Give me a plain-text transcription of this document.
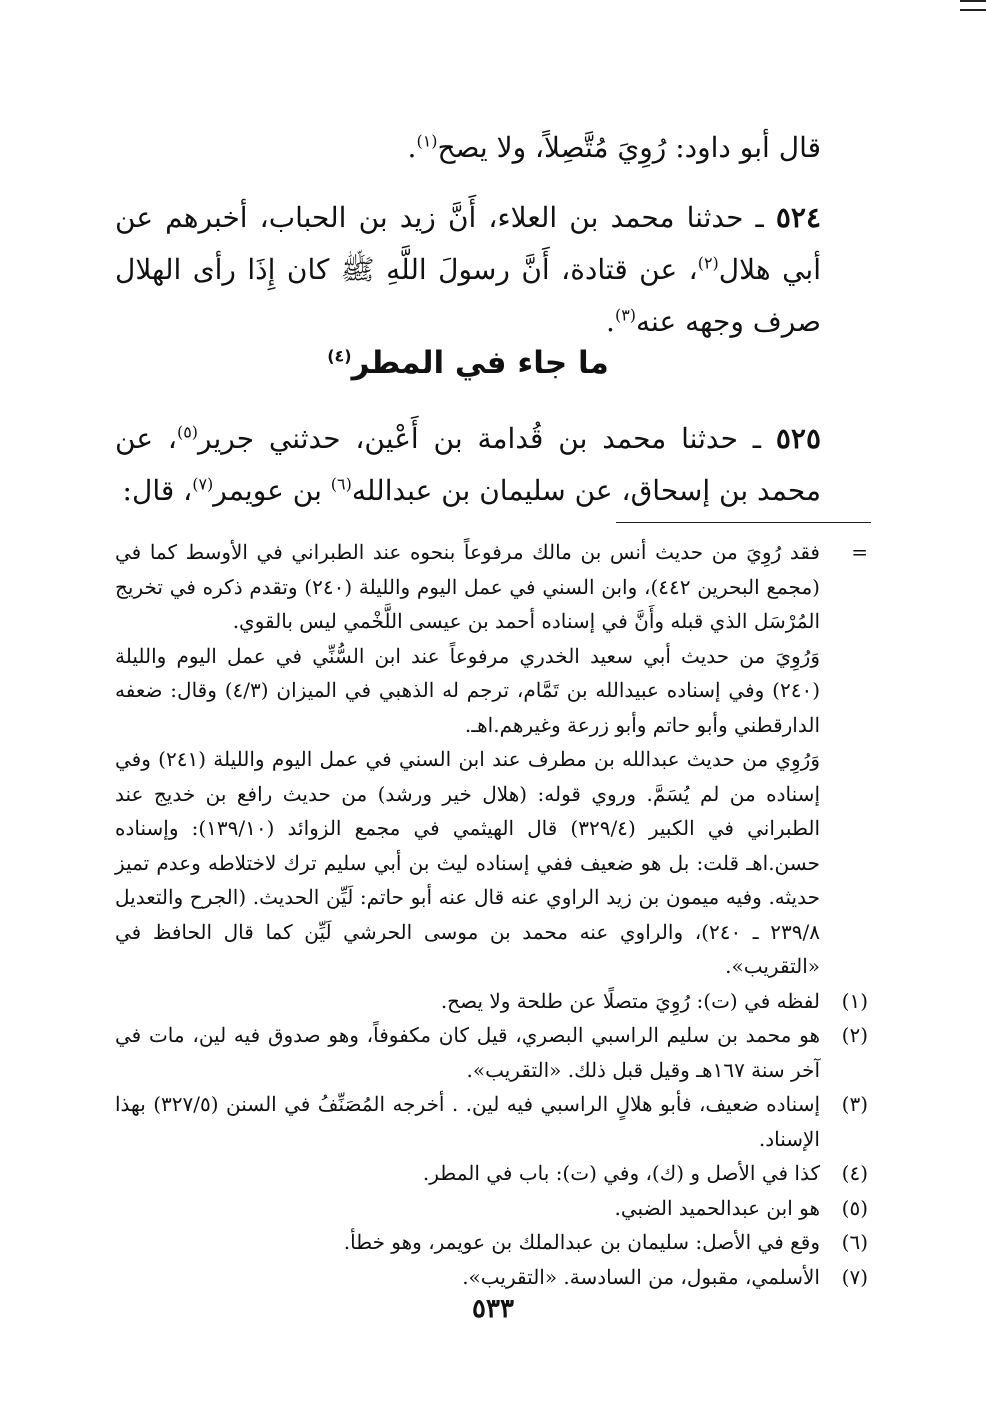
قال أبو داود: رُوِيَ مُتَّصِلاً، ولا يصح$^{(١)}$.

٥٢٤ ـ حدثنا محمد بن العلاء، أَنَّ زيد بن الحباب، أخبرهم عن أبي هلال$^{(٢)}$، عن قتادة، أَنَّ رسولَ اللَّهِ ﷺ كان إِذَا رأى الهلال صرف وجهه عنه$^{(٣)}$.

ما جاء في المطر$^{(٤)}$

٥٢٥ ـ حدثنا محمد بن قُدامة بن أَعْين، حدثني جرير$^{(٥)}$، عن محمد بن إسحاق، عن سليمان بن عبدالله$^{(٦)}$ بن عويمر$^{(٧)}$، قال:

=

فقد رُوِيَ من حديث أنس بن مالك مرفوعاً بنحوه عند الطبراني في الأوسط كما في (مجمع البحرين ٤٤٢)، وابن السني في عمل اليوم والليلة (٢٤٠) وتقدم ذكره في تخريج المُرْسَل الذي قبله وأَنَّ في إسناده أحمد بن عيسى اللَّخْمي ليس بالقوي.

وَرُوِيَ من حديث أبي سعيد الخدري مرفوعاً عند ابن السُّنِّي في عمل اليوم والليلة (٢٤٠) وفي إسناده عبيدالله بن تَمَّام، ترجم له الذهبي في الميزان (٤/٣) وقال: ضعفه الدارقطني وأبو حاتم وأبو زرعة وغيرهم.اهـ.

وَرُوِي من حديث عبدالله بن مطرف عند ابن السني في عمل اليوم والليلة (٢٤١) وفي إسناده من لم يُسَمَّ. وروي قوله: (هلال خير ورشد) من حديث رافع بن خديج عند الطبراني في الكبير (٣٢٩/٤) قال الهيثمي في مجمع الزوائد (١٣٩/١٠): وإسناده حسن.اهـ قلت: بل هو ضعيف ففي إسناده ليث بن أبي سليم ترك لاختلاطه وعدم تميز حديثه. وفيه ميمون بن زيد الراوي عنه قال عنه أبو حاتم: لَيِّن الحديث. (الجرح والتعديل ٢٣٩/٨ ـ ٢٤٠)، والراوي عنه محمد بن موسى الحرشي لَيِّن كما قال الحافظ في «التقريب».

(١)
لفظه في (ت): رُوِيَ متصلًا عن طلحة ولا يصح.

(٢)
هو محمد بن سليم الراسبي البصري، قيل كان مكفوفاً، وهو صدوق فيه لين، مات في آخر سنة ١٦٧هـ وقيل قبل ذلك. «التقريب».

(٣)
إسناده ضعيف، فأبو هلالٍ الراسبي فيه لين. . أخرجه المُصَنِّفُ في السنن (٣٢٧/٥) بهذا الإسناد.

(٤)
كذا في الأصل و (ك)، وفي (ت): باب في المطر.

(٥)
هو ابن عبدالحميد الضبي.

(٦)
وقع في الأصل: سليمان بن عبدالملك بن عويمر، وهو خطأ.

(٧)
الأسلمي، مقبول، من السادسة. «التقريب».

٥٣٣
